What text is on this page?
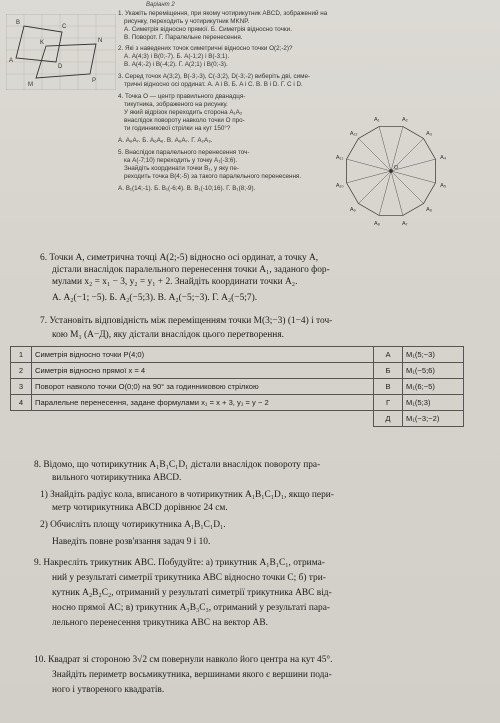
Варіант 2
B
C
K	N
A
D
M
P
1. Укажіть переміщення, при якому чотирикутник ABCD, зображений на
рисунку, переходить у чотирикутник MKNP.
А. Симетрія відносно прямої. Б. Симетрія відносно точки.
В. Поворот. Г. Паралельне перенесення.
2. Які з наведених точок симетричні відносно точки O(2;-2)?
А. A(4;3) і B(0;-7). Б. A(-1;2) і B(-3;1).
В. A(4;-2) і B(-4;2). Г. A(2;1) і B(0;-3).
3. Серед точок A(3;2), B(-3;-3), C(-3;2), D(-3;-2) виберіть дві, симе-
тричні відносно осі ординат. А. A і B. Б. A і C. В. B і D. Г. C і D.
4. Точка O — центр правильного дванадця-
тикутника, зображеного на рисунку.
У який відрізок переходить сторона A₁A₂
внаслідок повороту навколо точки O про-
ти годинникової стрілки на кут 150°?
А. A₆A₇. Б. A₆A₆. В. A₆A₇. Г. A₂A₃.
5. Внаслідок паралельного перенесення точ-
ка A(-7;10) переходить у точку A₁(-3;6).
Знайдіть координати точки B₁, у яку пе-
реходить точка B(4;-5) за такого паралельного перенесення.
А. B₁(14;-1). Б. B₁(-6;4). В. B₁(-10;16). Г. B₁(8;-9).
A₁	A₂
A₃
A₄
A₅
A₆
A₇
A₈
A₉
A₁₀
A₁₁
A₁₂
O
6. Точки A, симетрична точці A(2;-5) відносно осі ординат, а точку A,
дістали внаслідок паралельного перенесення точки A₁, заданого фор-
мулами x₂ = x₁ − 3, y₂ = y₁ + 2. Знайдіть координати точки A₂.
А. A₂(−1; −5). Б. A₂(−5;3). В. A₂(−5;−3). Г. A₂(−5;7).
7. Установіть відповідність між переміщенням точки M(3;−3) (1−4) і точ-
кою M₁ (А−Д), яку дістали внаслідок цього перетворення.
1	Симетрія відносно точки P(4;0)	А	M₁(5;−3)
2	Симетрія відносно прямої x = 4	Б	M₁(−5;6)
3	Поворот навколо точки O(0;0) на 90° за годинниковою стрілкою	В	M₁(6;−5)
4	Паралельне перенесення, задане формулами x₁ = x + 3, y₁ = y − 2	Г	M₁(5;3)
		Д	M₁(−3;−2)
8. Відомо, що чотирикутник A₁B₁C₁D₁ дістали внаслідок повороту пра-
вильного чотирикутника ABCD.
1) Знайдіть радіус кола, вписаного в чотирикутник A₁B₁C₁D₁, якщо пери-
метр чотирикутника ABCD дорівнює 24 см.
2) Обчисліть площу чотирикутника A₁B₁C₁D₁.
Наведіть повне розв'язання задач 9 і 10.
9. Накресліть трикутник ABC. Побудуйте: а) трикутник A₁B₁C₁, отрима-
ний у результаті симетрії трикутника ABC відносно точки C; б) три-
кутник A₂B₂C₂, отриманий у результаті симетрії трикутника ABC від-
носно прямої AC; в) трикутник A₃B₃C₃, отриманий у результаті пара-
лельного перенесення трикутника ABC на вектор AB.
10. Квадрат зі стороною 3√2 см повернули навколо його центра на кут 45°.
Знайдіть периметр восьмикутника, вершинами якого є вершини пода-
ного і утвореного квадратів.
